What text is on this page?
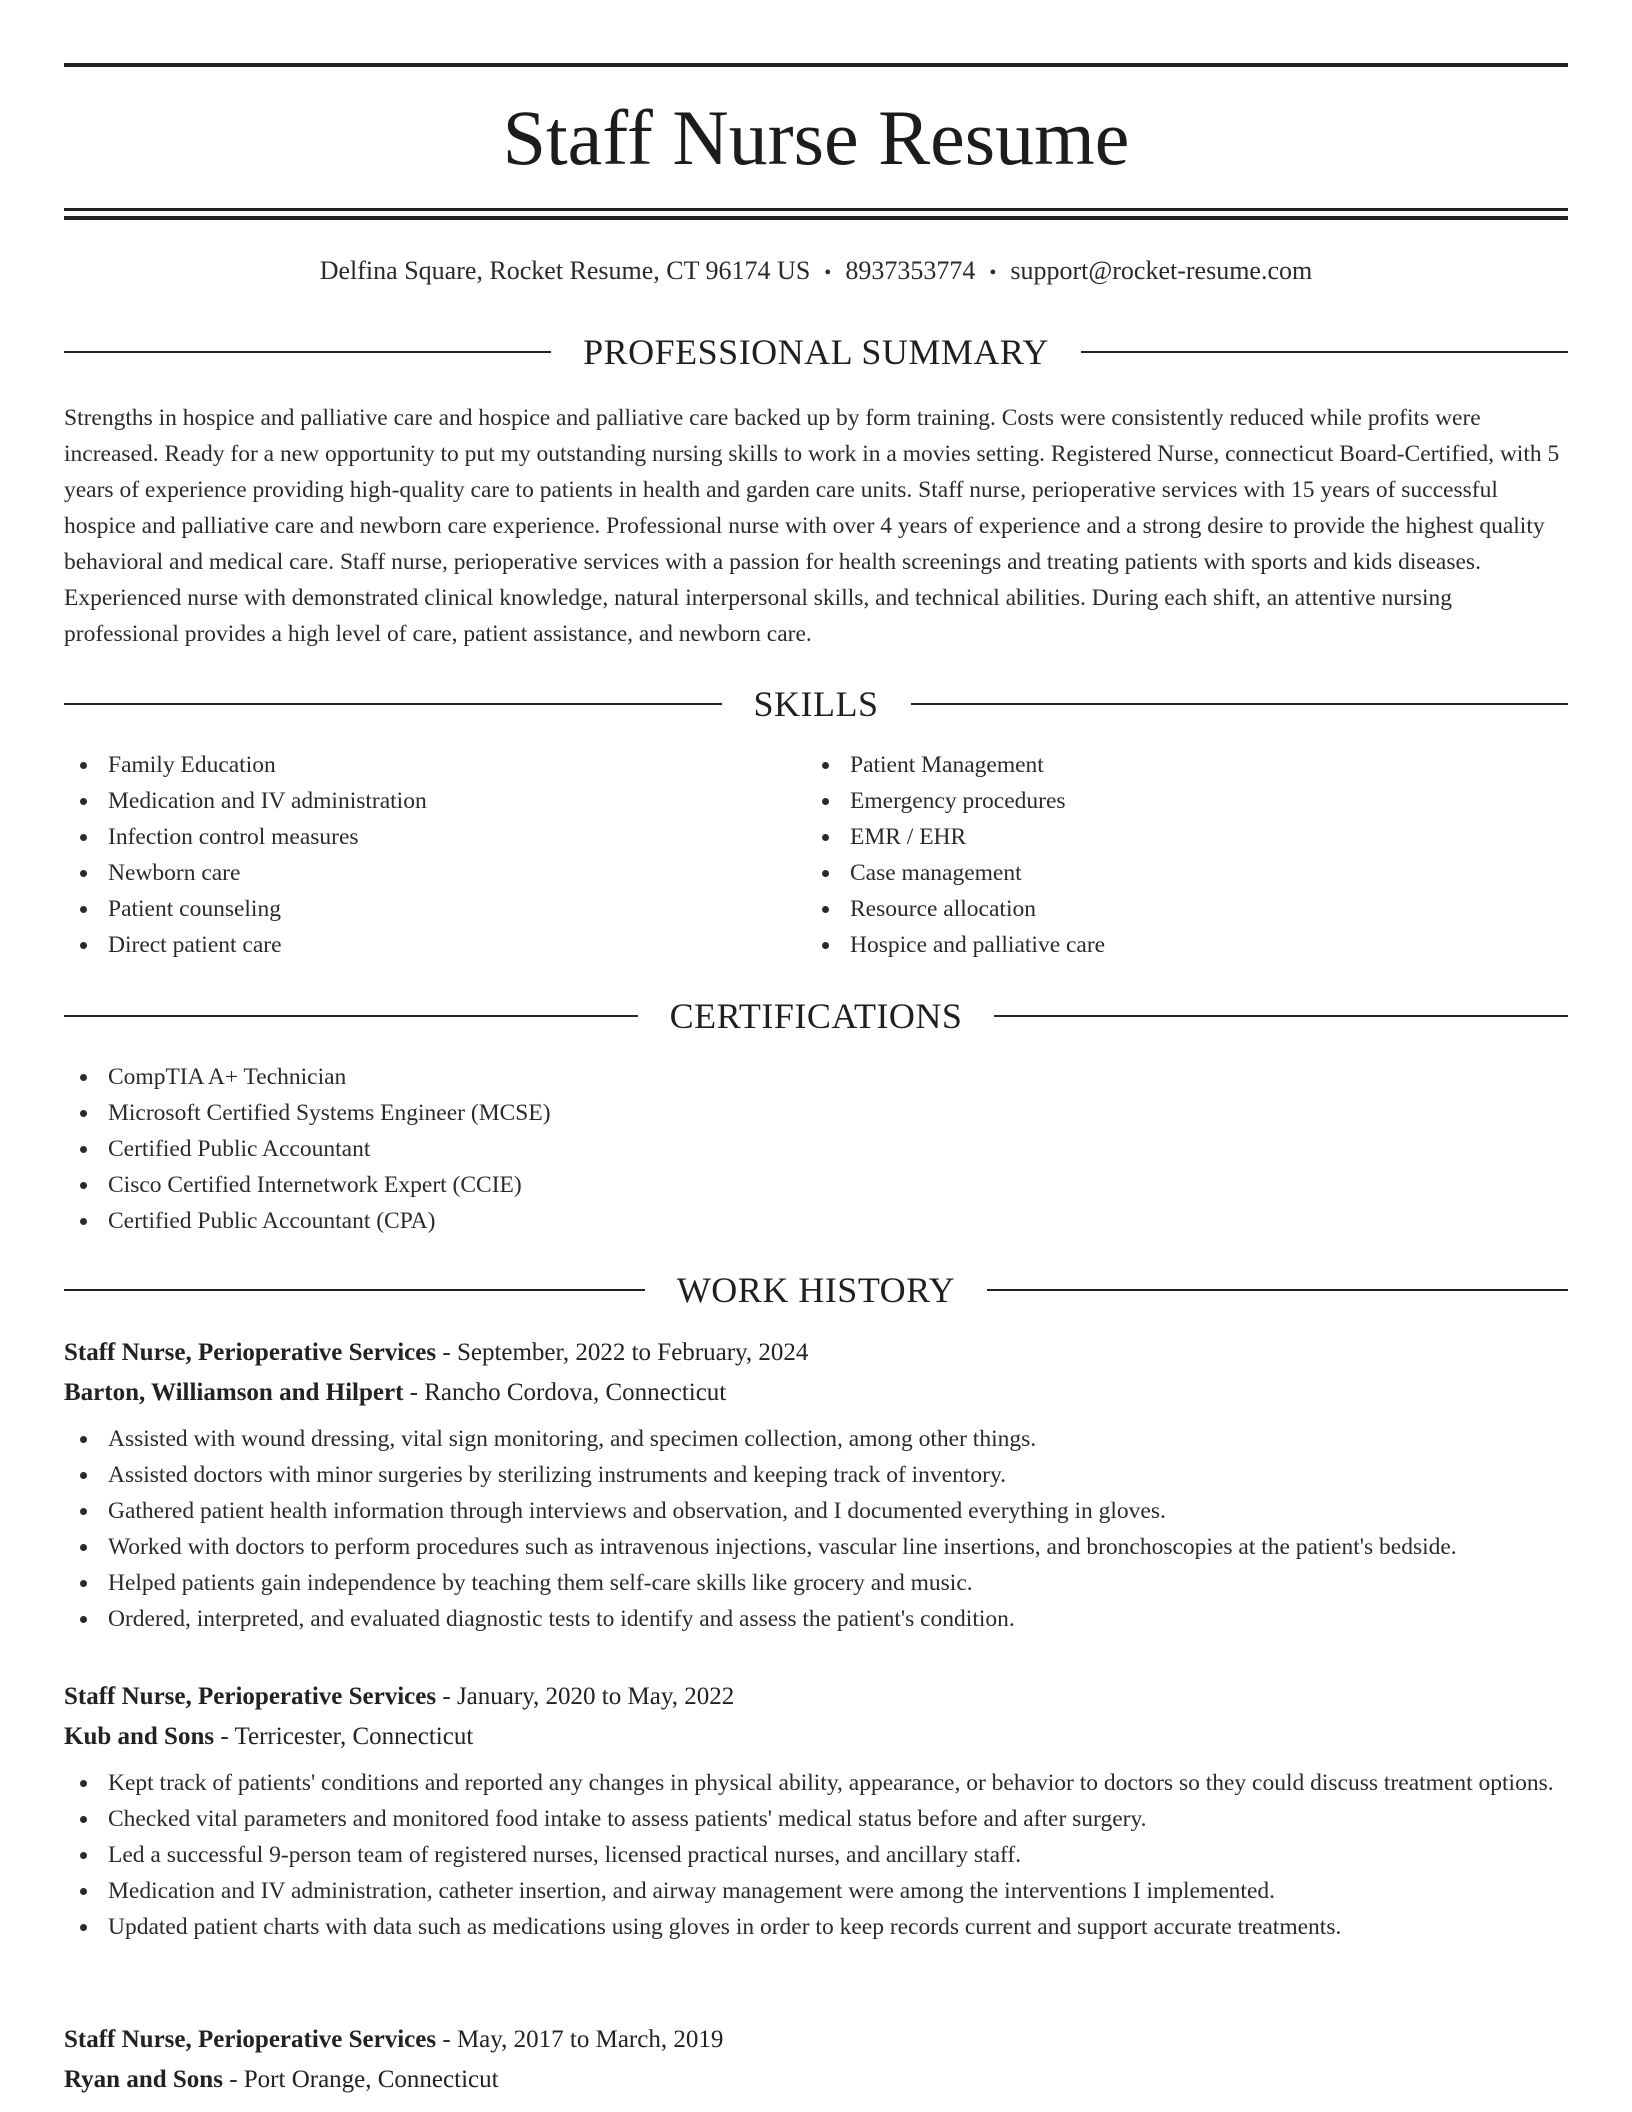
Staff Nurse Resume
Delfina Square, Rocket Resume, CT 96174 US • 8937353774 • support@rocket-resume.com
PROFESSIONAL SUMMARY

Strengths in hospice and palliative care and hospice and palliative care backed up by form training. Costs were consistently reduced while profits were increased. Ready for a new opportunity to put my outstanding nursing skills to work in a movies setting. Registered Nurse, connecticut Board-Certified, with 5 years of experience providing high-quality care to patients in health and garden care units. Staff nurse, perioperative services with 15 years of successful hospice and palliative care and newborn care experience. Professional nurse with over 4 years of experience and a strong desire to provide the highest quality behavioral and medical care. Staff nurse, perioperative services with a passion for health screenings and treating patients with sports and kids diseases. Experienced nurse with demonstrated clinical knowledge, natural interpersonal skills, and technical abilities. During each shift, an attentive nursing professional provides a high level of care, patient assistance, and newborn care.

SKILLS
Family Education
Medication and IV administration
Infection control measures
Newborn care
Patient counseling
Direct patient care
Patient Management
Emergency procedures
EMR / EHR
Case management
Resource allocation
Hospice and palliative care
CERTIFICATIONS
CompTIA A+ Technician
Microsoft Certified Systems Engineer (MCSE)
Certified Public Accountant
Cisco Certified Internetwork Expert (CCIE)
Certified Public Accountant (CPA)
WORK HISTORY
Staff Nurse, Perioperative Services - September, 2022 to February, 2024
Barton, Williamson and Hilpert - Rancho Cordova, Connecticut
Assisted with wound dressing, vital sign monitoring, and specimen collection, among other things.
Assisted doctors with minor surgeries by sterilizing instruments and keeping track of inventory.
Gathered patient health information through interviews and observation, and I documented everything in gloves.
Worked with doctors to perform procedures such as intravenous injections, vascular line insertions, and bronchoscopies at the patient's bedside.
Helped patients gain independence by teaching them self-care skills like grocery and music.
Ordered, interpreted, and evaluated diagnostic tests to identify and assess the patient's condition.
Staff Nurse, Perioperative Services - January, 2020 to May, 2022
Kub and Sons - Terricester, Connecticut
Kept track of patients' conditions and reported any changes in physical ability, appearance, or behavior to doctors so they could discuss treatment options.
Checked vital parameters and monitored food intake to assess patients' medical status before and after surgery.
Led a successful 9-person team of registered nurses, licensed practical nurses, and ancillary staff.
Medication and IV administration, catheter insertion, and airway management were among the interventions I implemented.
Updated patient charts with data such as medications using gloves in order to keep records current and support accurate treatments.
Staff Nurse, Perioperative Services - May, 2017 to March, 2019
Ryan and Sons - Port Orange, Connecticut
